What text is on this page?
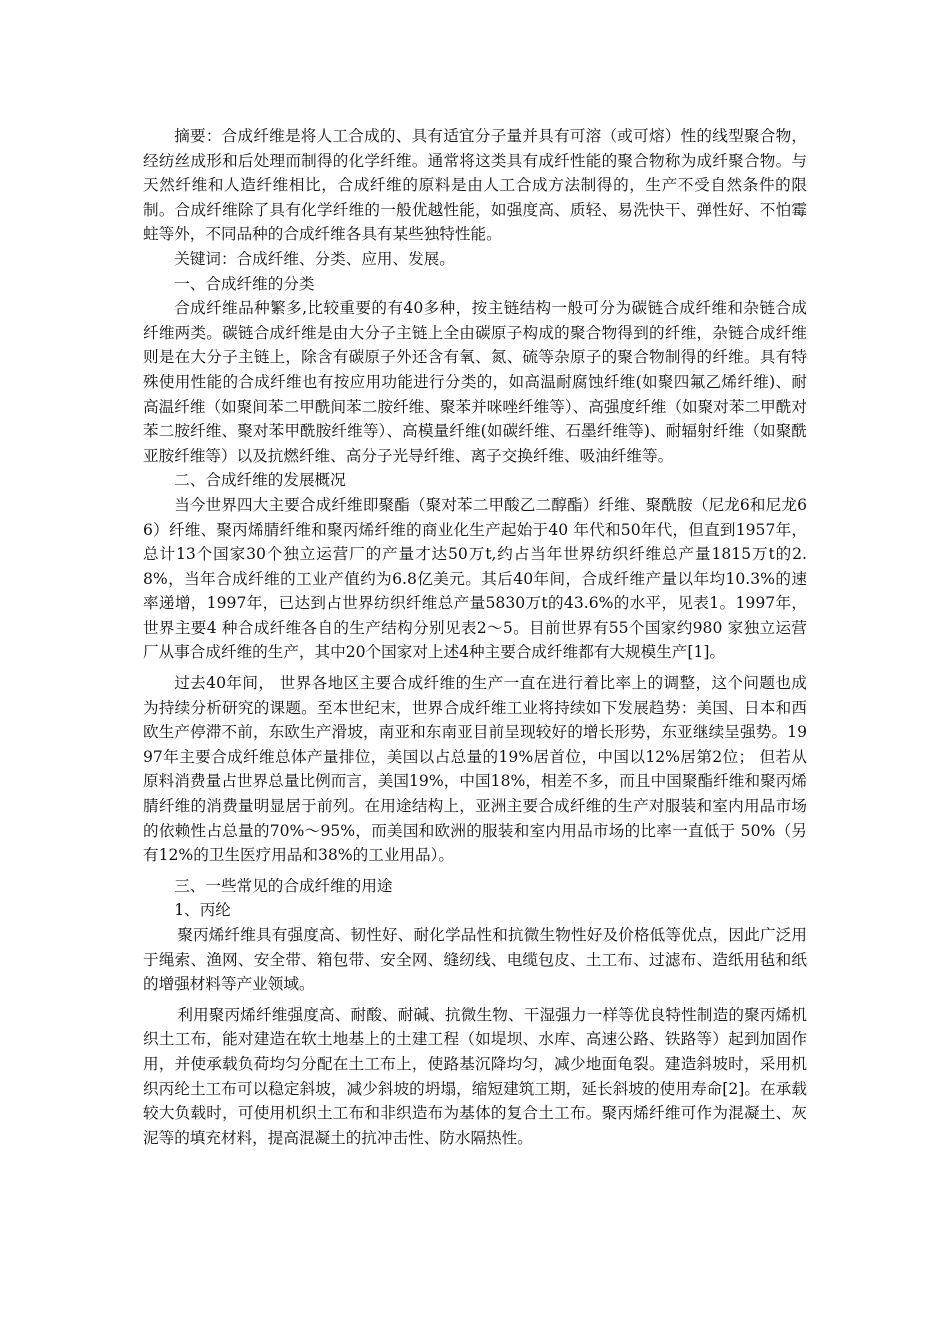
摘要：合成纤维是将人工合成的、具有适宜分子量并具有可溶（或可熔）性的线型聚合物，经纺丝成形和后处理而制得的化学纤维。通常将这类具有成纤性能的聚合物称为成纤聚合物。与天然纤维和人造纤维相比，合成纤维的原料是由人工合成方法制得的，生产不受自然条件的限制。合成纤维除了具有化学纤维的一般优越性能，如强度高、质轻、易洗快干、弹性好、不怕霉蛀等外，不同品种的合成纤维各具有某些独特性能。

关键词：合成纤维、分类、应用、发展。

一、合成纤维的分类

合成纤维品种繁多,比较重要的有40多种，按主链结构一般可分为碳链合成纤维和杂链合成纤维两类。碳链合成纤维是由大分子主链上全由碳原子构成的聚合物得到的纤维，杂链合成纤维则是在大分子主链上，除含有碳原子外还含有氧、氮、硫等杂原子的聚合物制得的纤维。具有特殊使用性能的合成纤维也有按应用功能进行分类的，如高温耐腐蚀纤维(如聚四氟乙烯纤维)、耐高温纤维（如聚间苯二甲酰间苯二胺纤维、聚苯并咪唑纤维等）、高强度纤维（如聚对苯二甲酰对苯二胺纤维、聚对苯甲酰胺纤维等）、高模量纤维(如碳纤维、石墨纤维等)、耐辐射纤维（如聚酰亚胺纤维等）以及抗燃纤维、高分子光导纤维、离子交换纤维、吸油纤维等。

二、合成纤维的发展概况

当今世界四大主要合成纤维即聚酯（聚对苯二甲酸乙二醇酯）纤维、聚酰胺（尼龙6和尼龙66）纤维、聚丙烯腈纤维和聚丙烯纤维的商业化生产起始于40 年代和50年代，但直到1957年，总计13个国家30个独立运营厂的产量才达50万t,约占当年世界纺织纤维总产量1815万t的2.8%，当年合成纤维的工业产值约为6.8亿美元。其后40年间，合成纤维产量以年均10.3%的速率递增，1997年，已达到占世界纺织纤维总产量5830万t的43.6%的水平，见表1。1997年，世界主要4 种合成纤维各自的生产结构分别见表2～5。目前世界有55个国家约980 家独立运营厂从事合成纤维的生产，其中20个国家对上述4种主要合成纤维都有大规模生产[1]。

过去40年间， 世界各地区主要合成纤维的生产一直在进行着比率上的调整，这个问题也成为持续分析研究的课题。至本世纪末，世界合成纤维工业将持续如下发展趋势：美国、日本和西欧生产停滞不前，东欧生产滑坡，南亚和东南亚目前呈现较好的增长形势，东亚继续呈强势。1997年主要合成纤维总体产量排位，美国以占总量的19%居首位，中国以12%居第2位； 但若从原料消费量占世界总量比例而言，美国19%，中国18%，相差不多，而且中国聚酯纤维和聚丙烯腈纤维的消费量明显居于前列。在用途结构上，亚洲主要合成纤维的生产对服装和室内用品市场的依赖性占总量的70%～95%，而美国和欧洲的服装和室内用品市场的比率一直低于 50%（另有12%的卫生医疗用品和38%的工业用品）。

三、一些常见的合成纤维的用途

1、丙纶

聚丙烯纤维具有强度高、韧性好、耐化学品性和抗微生物性好及价格低等优点，因此广泛用于绳索、渔网、安全带、箱包带、安全网、缝纫线、电缆包皮、土工布、过滤布、造纸用毡和纸的增强材料等产业领域。

利用聚丙烯纤维强度高、耐酸、耐碱、抗微生物、干湿强力一样等优良特性制造的聚丙烯机织土工布，能对建造在软土地基上的土建工程（如堤坝、水库、高速公路、铁路等）起到加固作用，并使承载负荷均匀分配在土工布上，使路基沉降均匀，减少地面龟裂。建造斜坡时，采用机织丙纶土工布可以稳定斜坡，减少斜坡的坍塌，缩短建筑工期，延长斜坡的使用寿命[2]。在承载较大负载时，可使用机织土工布和非织造布为基体的复合土工布。聚丙烯纤维可作为混凝土、灰泥等的填充材料，提高混凝土的抗冲击性、防水隔热性。
